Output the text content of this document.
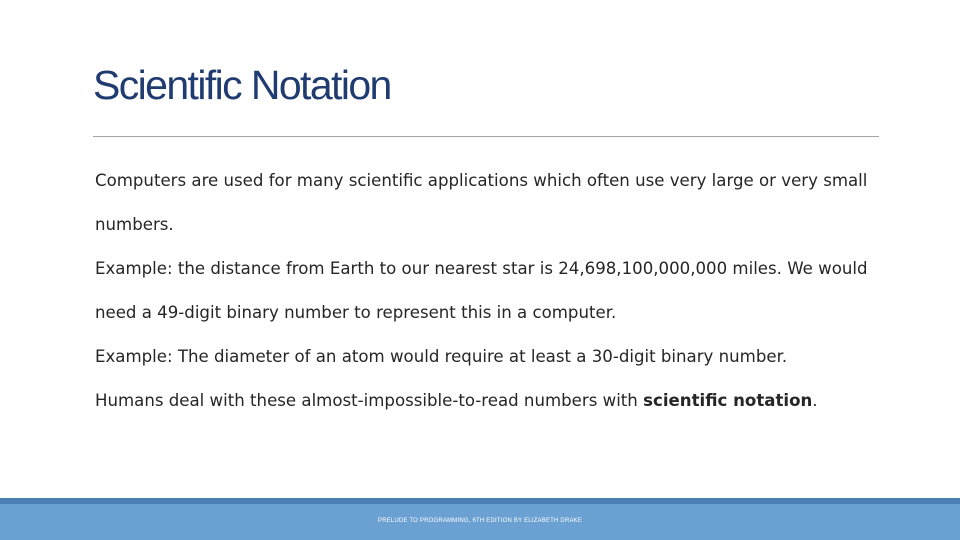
Scientific Notation

Computers are used for many scientific applications which often use very large or very small numbers.

Example: the distance from Earth to our nearest star is 24,698,100,000,000 miles. We would need a 49-digit binary number to represent this in a computer.

Example: The diameter of an atom would require at least a 30-digit binary number.

Humans deal with these almost-impossible-to-read numbers with scientific notation.

PRELUDE TO PROGRAMMING, 6TH EDITION BY ELIZABETH DRAKE
